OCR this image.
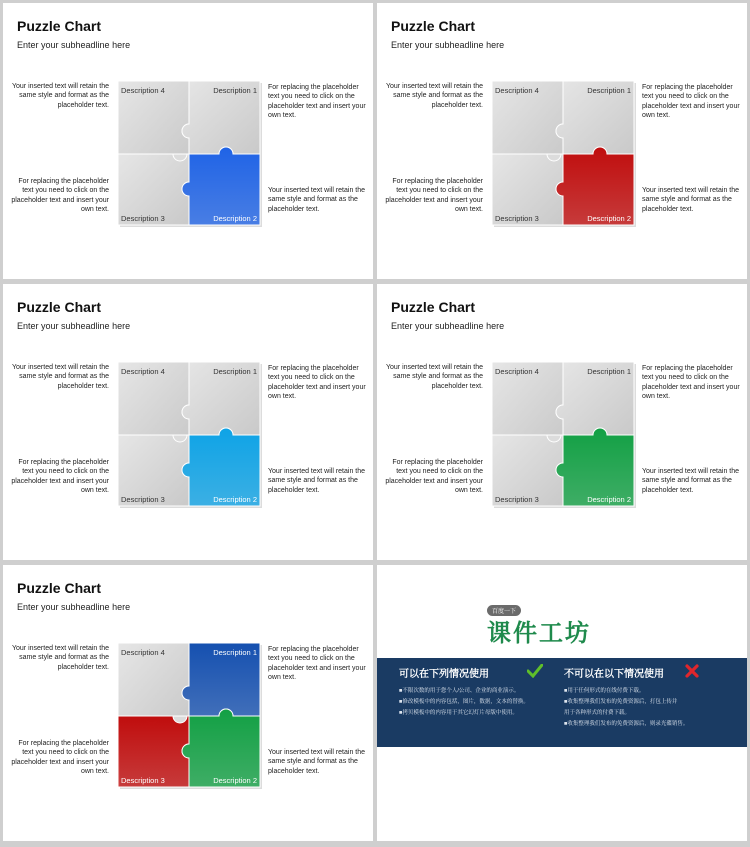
Puzzle Chart
Enter your subheadline here
Your inserted text will retain the same style and format as the placeholder text.
For replacing the placeholder text you need to click on the placeholder text and insert your own text.
For replacing the placeholder text you need to click on the placeholder text and insert your own text.
Your inserted text will retain the same style and format as the placeholder text.
Description 4	Description 1
Description 3	Description 2
Puzzle Chart
Enter your subheadline here
Your inserted text will retain the same style and format as the placeholder text.
For replacing the placeholder text you need to click on the placeholder text and insert your own text.
For replacing the placeholder text you need to click on the placeholder text and insert your own text.
Your inserted text will retain the same style and format as the placeholder text.
Description 4	Description 1
Description 3	Description 2
Puzzle Chart
Enter your subheadline here
Your inserted text will retain the same style and format as the placeholder text.
For replacing the placeholder text you need to click on the placeholder text and insert your own text.
For replacing the placeholder text you need to click on the placeholder text and insert your own text.
Your inserted text will retain the same style and format as the placeholder text.
Description 4	Description 1
Description 3	Description 2
Puzzle Chart
Enter your subheadline here
Your inserted text will retain the same style and format as the placeholder text.
For replacing the placeholder text you need to click on the placeholder text and insert your own text.
For replacing the placeholder text you need to click on the placeholder text and insert your own text.
Your inserted text will retain the same style and format as the placeholder text.
Description 4	Description 1
Description 3	Description 2
Puzzle Chart
Enter your subheadline here
Your inserted text will retain the same style and format as the placeholder text.
For replacing the placeholder text you need to click on the placeholder text and insert your own text.
For replacing the placeholder text you need to click on the placeholder text and insert your own text.
Your inserted text will retain the same style and format as the placeholder text.
Description 4	Description 1
Description 3	Description 2
百度一下
课件工坊
可以在下列情况使用	不可以在以下情况使用
■不限次数的用于您个人/公司、企业的商业演示。
■修改模板中的内容包括，图片，数据，文本的替换。
■拷贝模板中的内容用于其它幻灯片母版中使用。
■用于任何形式的在线付费下载。
■收集整理我们发布的免费资源后，打包上传并
用于各种形式的付费下载。
■收集整理我们发布的免费资源后，则录光碟销售。
